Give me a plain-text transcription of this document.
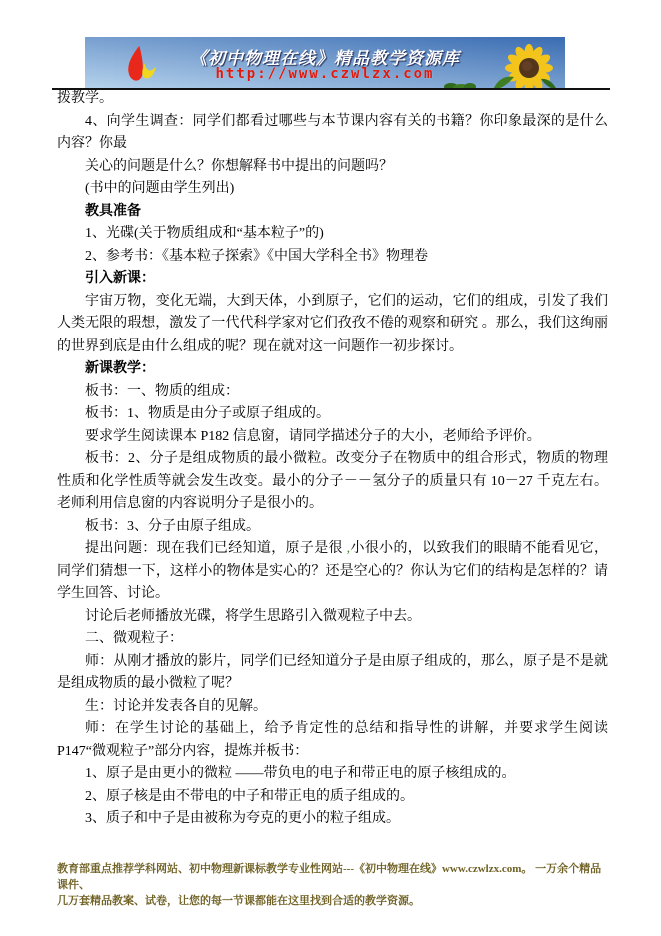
《初中物理在线》精品教学资源库
http://www.czwlzx.com

拨教学。

4、向学生调查：同学们都看过哪些与本节课内容有关的书籍？你印象最深的是什么内容？你最

关心的问题是什么？你想解释书中提出的问题吗？

(书中的问题由学生列出)

教具准备

1、光碟(关于物质组成和“基本粒子”的)

2、参考书：《基本粒子探索》《中国大学科全书》物理卷

引入新课：

宇宙万物，变化无端，大到天体，小到原子，它们的运动，它们的组成，引发了我们人类无限的瑕想，激发了一代代科学家对它们孜孜不倦的观察和研究 。那么，我们这绚丽的世界到底是由什么组成的呢？现在就对这一问题作一初步探讨。

新课教学：

板书：一、物质的组成：

板书：1、物质是由分子或原子组成的。

要求学生阅读课本 P182 信息窗，请同学描述分子的大小，老师给予评价。

板书：2、分子是组成物质的最小微粒。改变分子在物质中的组合形式，物质的物理性质和化学性质等就会发生改变。最小的分子－－氢分子的质量只有 10－27 千克左右。老师利用信息窗的内容说明分子是很小的。

板书：3、分子由原子组成。

提出问题：现在我们已经知道，原子是很 ,小很小的，以致我们的眼睛不能看见它，同学们猜想一下，这样小的物体是实心的？还是空心的？你认为它们的结构是怎样的？请学生回答、讨论。

讨论后老师播放光碟，将学生思路引入微观粒子中去。

二、微观粒子：

师：从刚才播放的影片，同学们已经知道分子是由原子组成的，那么，原子是不是就是组成物质的最小微粒了呢？

生：讨论并发表各自的见解。

师：在学生讨论的基础上，给予肯定性的总结和指导性的讲解，并要求学生阅读P147“微观粒子”部分内容，提炼并板书：

1、原子是由更小的微粒 ——带负电的电子和带正电的原子核组成的。

2、原子核是由不带电的中子和带正电的质子组成的。

3、质子和中子是由被称为夸克的更小的粒子组成。

教育部重点推荐学科网站、初中物理新课标教学专业性网站---《初中物理在线》www.czwlzx.com。 一万余个精品课件、
几万套精品教案、试卷，让您的每一节课都能在这里找到合适的教学资源。
